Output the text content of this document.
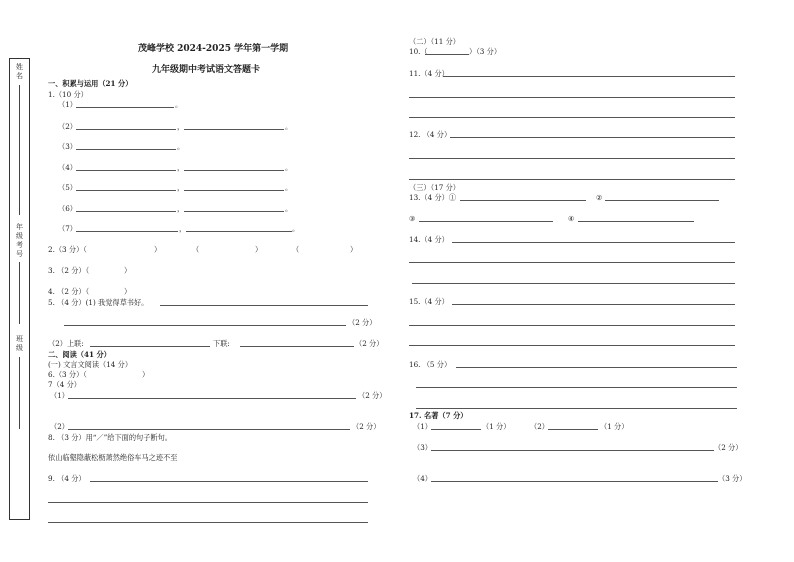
姓
名
年
级
考
号
班
级
茂峰学校 2024-2025 学年第一学期
九年级期中考试语文答题卡
一、积累与运用（21 分）
1.（10 分）
（1）	。
（2）	，	。
（3）	。
（4）	，	。
（5）	，	。
（6）	，	。
（7）	，	。
2.（3 分）（	）	（	）	（	）
3. （2 分）（	）
4. （2 分）（	）
5. （4 分）(1) 我觉得草书好。
（2 分）
（2）上联:	下联:	（2 分）
二、阅读（41 分）
(一) 文言文阅读（14 分）
6.（3 分）（	）
7（4 分）
（1）	（2 分）
（2）	（2 分）
8. （3 分）用“／”给下面的句子断句。
依山临壑隐蔽松枥萧然绝俗车马之迹不至
9. （4 分）
（二）（11 分）
10.（	）（3 分）
11.（4 分）
12. （4 分）
（三）（17 分）
13.（4 分）①	②
③	④
14.（4 分）
15.（4 分）
16. （5 分）
17. 名著（7 分）
（1）	（1 分）	（2）	（1 分）
（3）	（2 分）
（4）	（3 分）
